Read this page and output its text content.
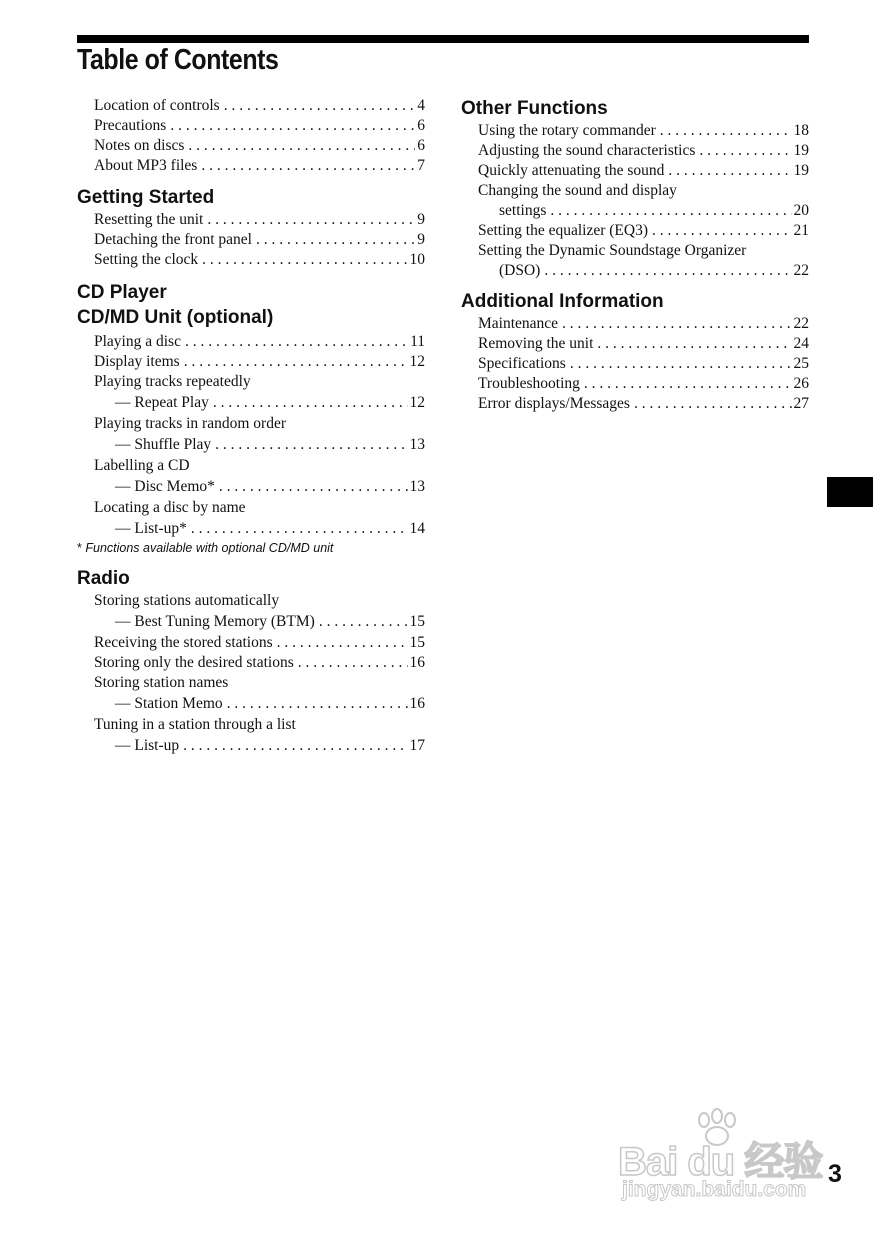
Table of Contents
Location of controls . . .	4
Precautions . . .	6
Notes on discs . . .	6
About MP3 files . . .	7
Getting Started
Resetting the unit . . .	9
Detaching the front panel . . .	9
Setting the clock . . .	10
CD Player
CD/MD Unit (optional)
Playing a disc . . .	11
Display items . . .	12
Playing tracks repeatedly
— Repeat Play . . .	12
Playing tracks in random order
— Shuffle Play . . .	13
Labelling a CD
— Disc Memo* . . .	13
Locating a disc by name
— List-up* . . .	14

* Functions available with optional CD/MD unit

Radio
Storing stations automatically
— Best Tuning Memory (BTM) . . .	15
Receiving the stored stations . . .	15
Storing only the desired stations . . .	16
Storing station names
— Station Memo . . .	16
Tuning in a station through a list
— List-up . . .	17
Other Functions
Using the rotary commander . . .	18
Adjusting the sound characteristics . . .	19
Quickly attenuating the sound . . .	19
Changing the sound and display
settings . . .	20
Setting the equalizer (EQ3) . . .	21
Setting the Dynamic Soundstage Organizer
(DSO) . . .	22
Additional Information
Maintenance . . .	22
Removing the unit . . .	24
Specifications . . .	25
Troubleshooting . . .	26
Error displays/Messages . . .	27
Bai du 经验
jingyan.baidu.com
3
